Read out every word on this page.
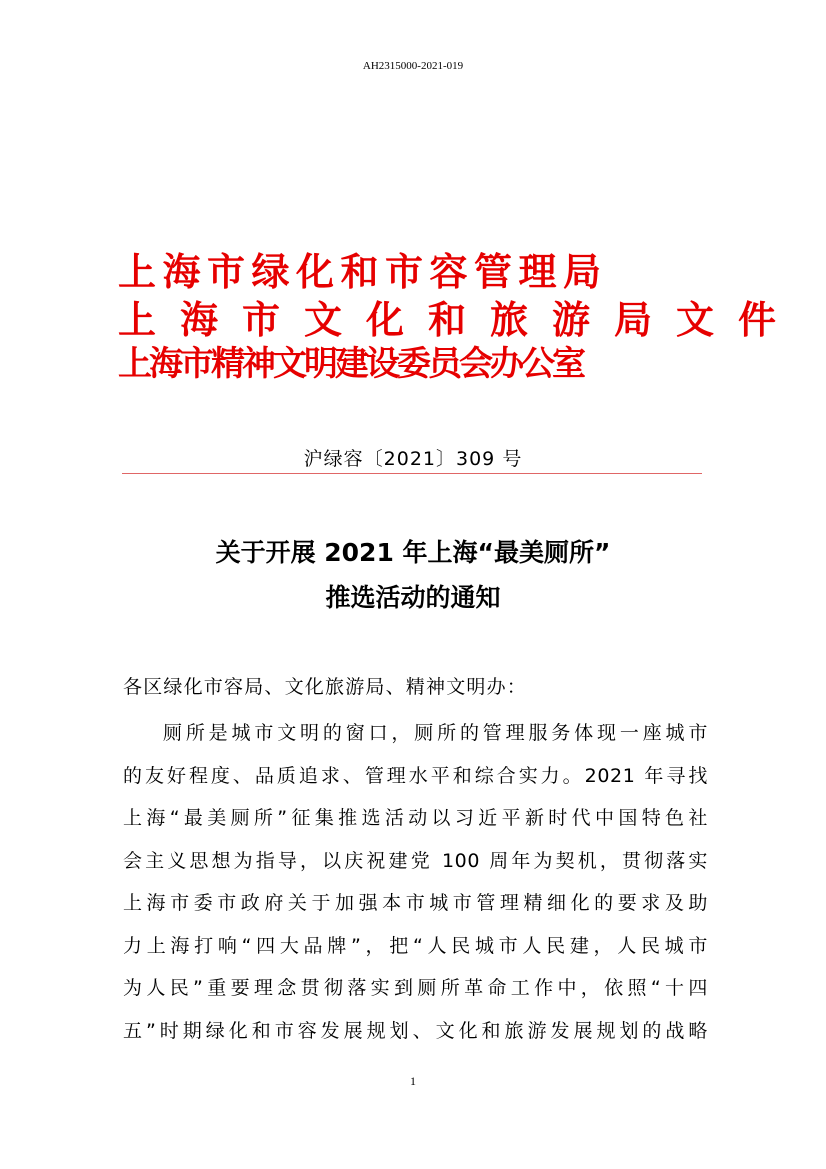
AH2315000-2021-019
上海市绿化和市容管理局
上海市文化和旅游局文件
上海市精神文明建设委员会办公室
沪绿容〔2021〕309 号
关于开展 2021 年上海“最美厕所”
推选活动的通知
各区绿化市容局、文化旅游局、精神文明办：
厕所是城市文明的窗口，厕所的管理服务体现一座城市
的友好程度、品质追求、管理水平和综合实力。2021 年寻找
上海“最美厕所”征集推选活动以习近平新时代中国特色社
会主义思想为指导，以庆祝建党 100 周年为契机，贯彻落实
上海市委市政府关于加强本市城市管理精细化的要求及助
力上海打响“四大品牌”，把“人民城市人民建，人民城市
为人民”重要理念贯彻落实到厕所革命工作中，依照“十四
五”时期绿化和市容发展规划、文化和旅游发展规划的战略
1
